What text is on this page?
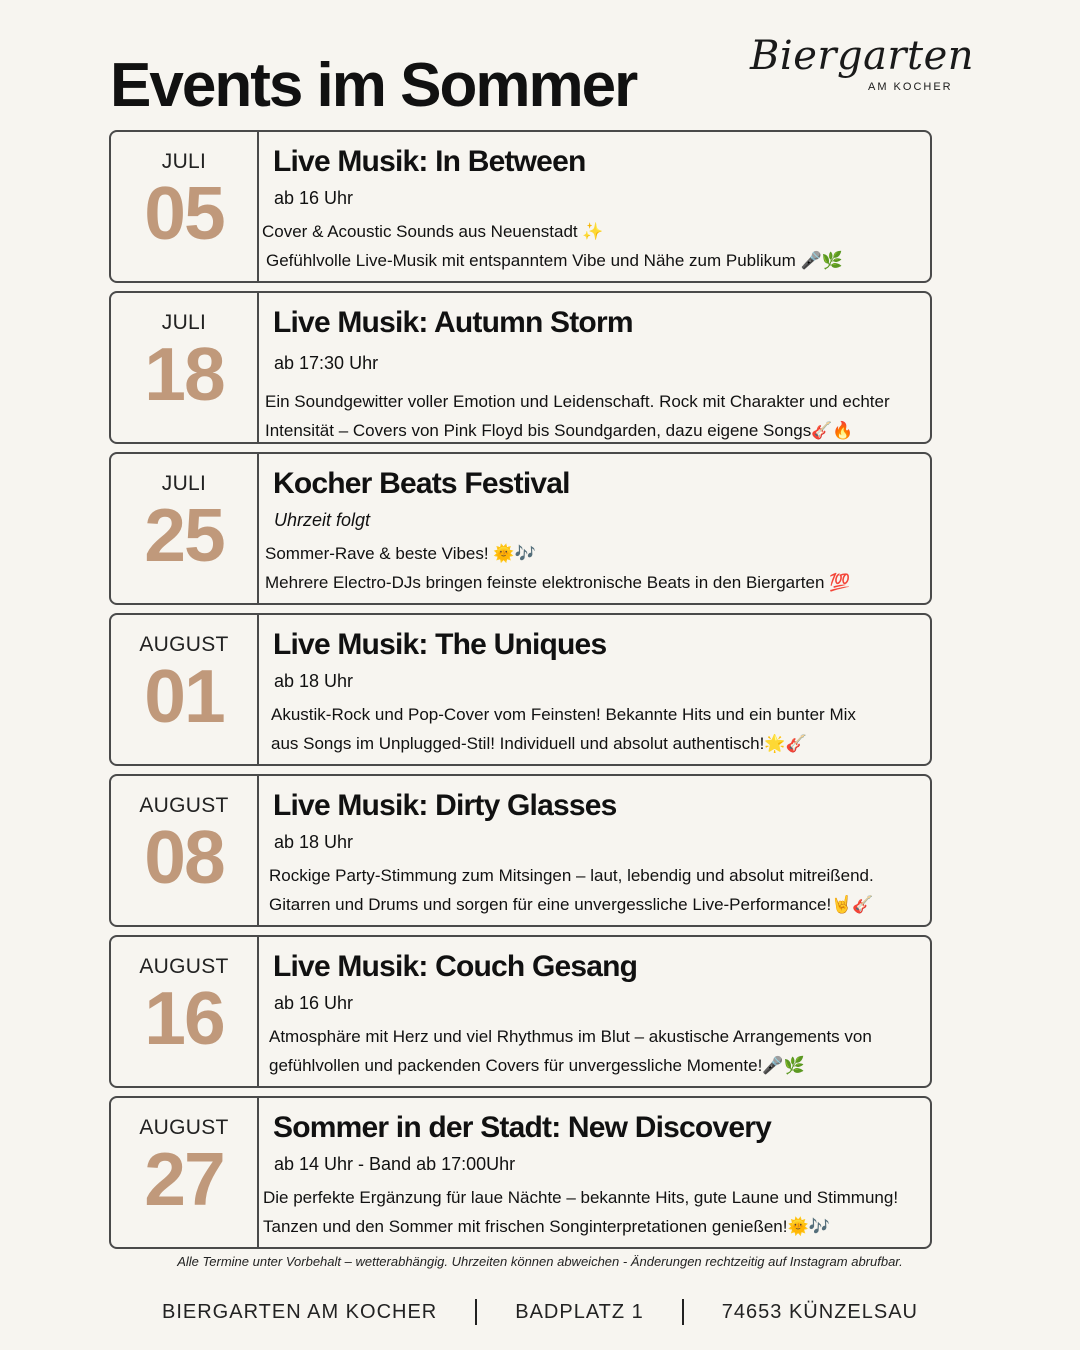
Events im Sommer	Biergarten
AM KOCHER
JULI
05
Live Musik: In Between
ab 16 Uhr
Cover & Acoustic Sounds aus Neuenstadt ✨
Gefühlvolle Live-Musik mit entspanntem Vibe und Nähe zum Publikum 🎤🌿
JULI
18
Live Musik: Autumn Storm
ab 17:30 Uhr
Ein Soundgewitter voller Emotion und Leidenschaft. Rock mit Charakter und echter
Intensität – Covers von Pink Floyd bis Soundgarden, dazu eigene Songs🎸🔥
JULI
25
Kocher Beats Festival
Uhrzeit folgt
Sommer-Rave & beste Vibes! 🌞🎶
Mehrere Electro-DJs bringen feinste elektronische Beats in den Biergarten 💯
AUGUST
01
Live Musik: The Uniques
ab 18 Uhr
Akustik-Rock und Pop-Cover vom Feinsten! Bekannte Hits und ein bunter Mix
aus Songs im Unplugged-Stil! Individuell und absolut authentisch!🌟🎸
AUGUST
08
Live Musik: Dirty Glasses
ab 18 Uhr
Rockige Party-Stimmung zum Mitsingen – laut, lebendig und absolut mitreißend.
Gitarren und Drums und sorgen für eine unvergessliche Live-Performance!🤘🎸
AUGUST
16
Live Musik: Couch Gesang
ab 16 Uhr
Atmosphäre mit Herz und viel Rhythmus im Blut – akustische Arrangements von
gefühlvollen und packenden Covers für unvergessliche Momente!🎤🌿
AUGUST
27
Sommer in der Stadt: New Discovery
ab 14 Uhr - Band ab 17:00Uhr
Die perfekte Ergänzung für laue Nächte – bekannte Hits, gute Laune und Stimmung!
Tanzen und den Sommer mit frischen Songinterpretationen genießen!🌞🎶
Alle Termine unter Vorbehalt – wetterabhängig. Uhrzeiten können abweichen - Änderungen rechtzeitig auf Instagram abrufbar.
BIERGARTEN AM KOCHER	BADPLATZ 1	74653 KÜNZELSAU
